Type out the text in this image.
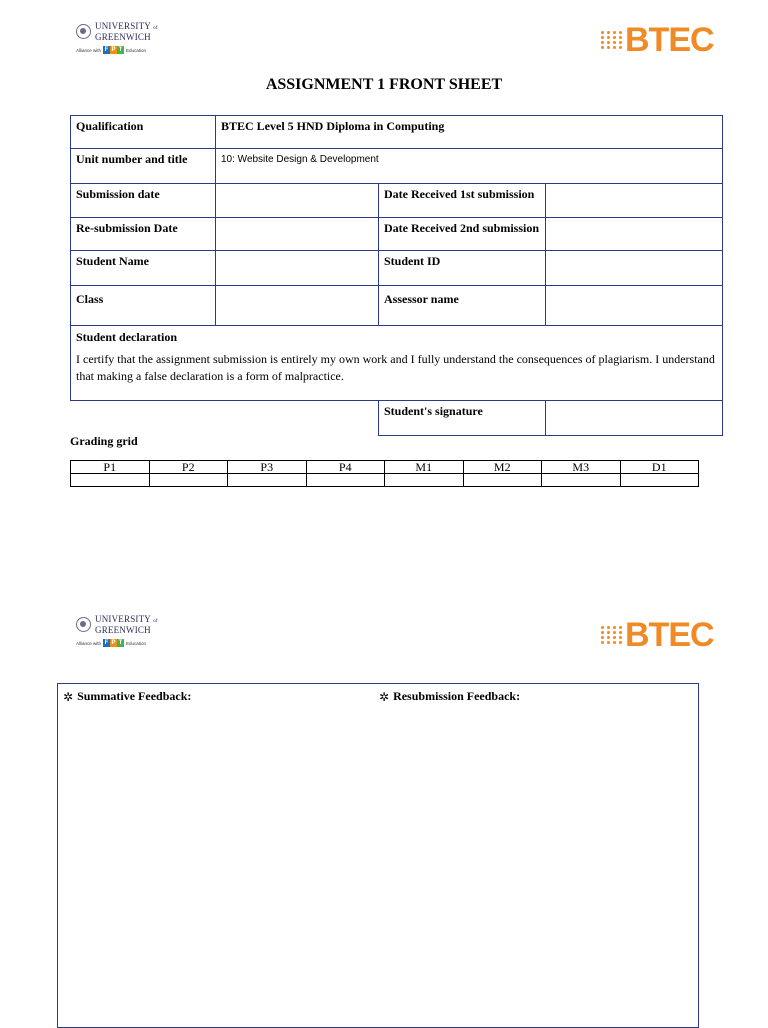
UNIVERSITY of
GREENWICH
Alliance with F P T Education	BTEC
ASSIGNMENT 1 FRONT SHEET
Qualification	BTEC Level 5 HND Diploma in Computing		
Unit number and title	10: Website Design & Development		
Submission date		Date Received 1st submission	
Re-submission Date		Date Received 2nd submission	
Student Name		Student ID	
Class		Assessor name	

Student declaration
I certify that the assignment submission is entirely my own work and I fully understand the consequences of plagiarism. I understand that making a false declaration is a form of malpractice.			

		Student's signature	
Grading grid
P1	P2	P3	P4	M1	M2	M3	D1

UNIVERSITY of
GREENWICH
Alliance with F P T Education	BTEC
✲ Summative Feedback:	✲ Resubmission Feedback:
